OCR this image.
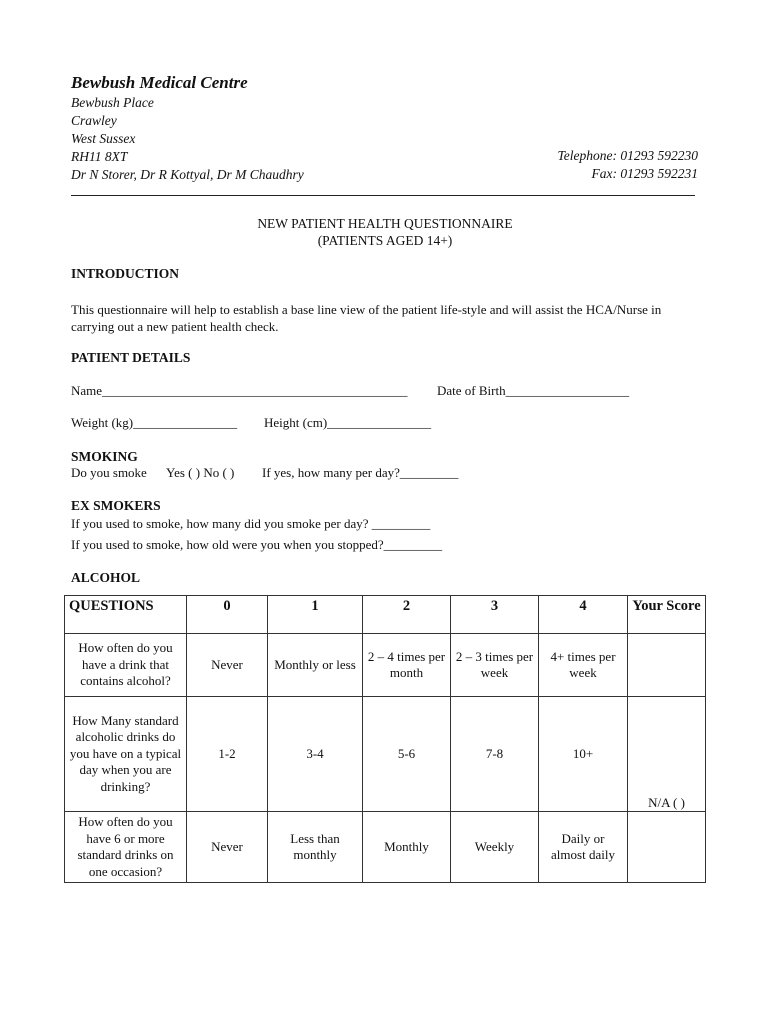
Bewbush Medical Centre
Bewbush Place
Crawley
West Sussex
RH11 8XT
Dr N Storer, Dr R Kottyal, Dr M Chaudhry
Telephone: 01293 592230
Fax: 01293 592231
NEW PATIENT HEALTH QUESTIONNAIRE
(PATIENTS AGED 14+)
INTRODUCTION
This questionnaire will help to establish a base line view of the patient life-style and will assist the HCA/Nurse in carrying out a new patient health check.
PATIENT DETAILS
Name_______________________________________________ Date of Birth___________________
Weight (kg)________________ Height (cm)________________
SMOKING
Do you smoke Yes ( ) No ( ) If yes, how many per day?_________
EX SMOKERS
If you used to smoke, how many did you smoke per day? _________
If you used to smoke, how old were you when you stopped?_________
ALCOHOL
QUESTIONS	0	1	2	3	4	Your Score
How often do you have a drink that contains alcohol?	Never	Monthly or less	2 – 4 times per month	2 – 3 times per week	4+ times per week	
How Many standard alcoholic drinks do you have on a typical day when you are drinking?	1-2	3-4	5-6	7-8	10+	N/A ( )
How often do you have 6 or more standard drinks on one occasion?	Never	Less than monthly	Monthly	Weekly	Daily or almost daily	
